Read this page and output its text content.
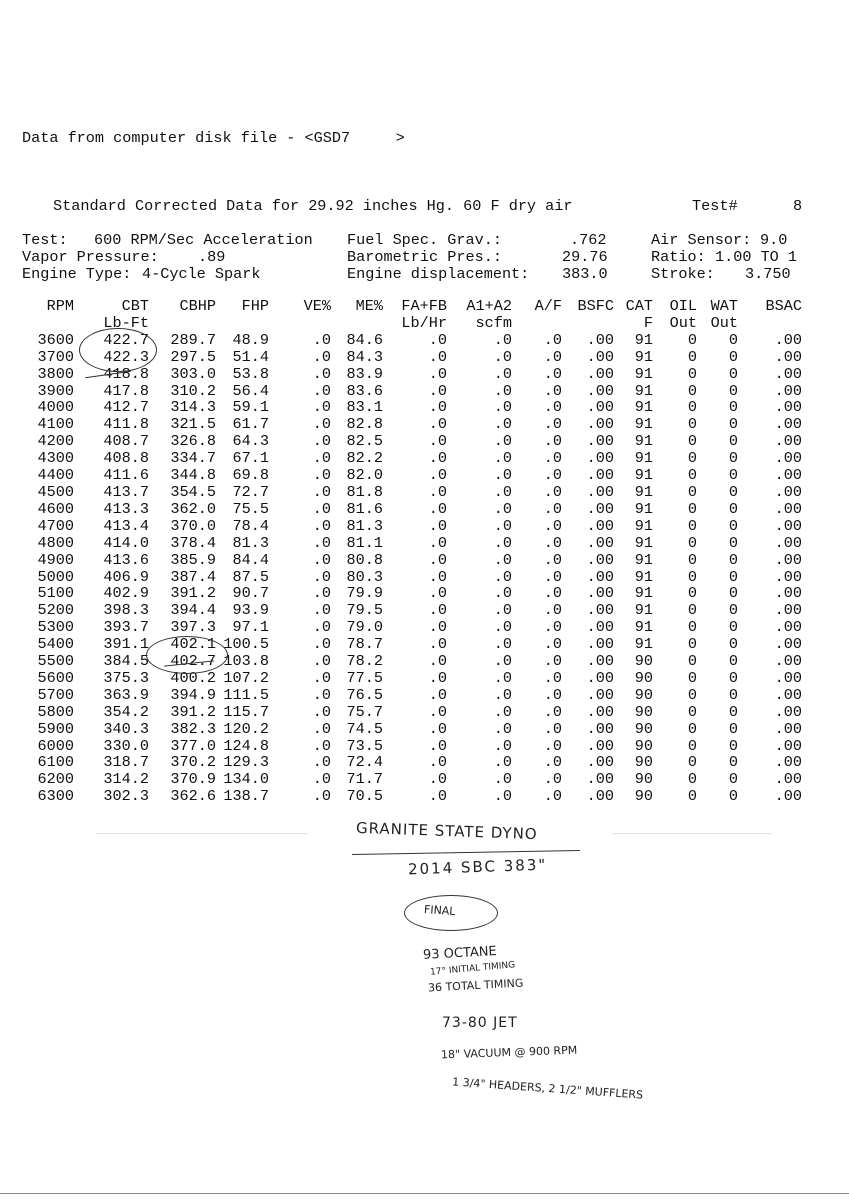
Data from computer disk file - <GSD7     >
Standard Corrected Data for 29.92 inches Hg. 60 F dry air	Test#	8

Test:

600 RPM/Sec Acceleration

Fuel Spec. Grav.:

	.762

	Air Sensor:

9.0

Vapor Pressure:

	.89

	Barometric Pres.:

	29.76

	Ratio:

1.00 TO 1

Engine Type:

4-Cycle Spark

	Engine displacement:

383.0

	Stroke:

3.750

RPM	CBT	CBHP	FHP	VE%	ME%	FA+FB	A1+A2	A/F	BSFC	CAT	OIL	WAT	BSAC
	Lb-Ft					Lb/Hr	scfm			F	Out	Out	
3600	422.7	289.7	48.9	.0	84.6	.0	.0	.0	.00	91	0	0	.00
3700	422.3	297.5	51.4	.0	84.3	.0	.0	.0	.00	91	0	0	.00
3800	418.8	303.0	53.8	.0	83.9	.0	.0	.0	.00	91	0	0	.00
3900	417.8	310.2	56.4	.0	83.6	.0	.0	.0	.00	91	0	0	.00
4000	412.7	314.3	59.1	.0	83.1	.0	.0	.0	.00	91	0	0	.00
4100	411.8	321.5	61.7	.0	82.8	.0	.0	.0	.00	91	0	0	.00
4200	408.7	326.8	64.3	.0	82.5	.0	.0	.0	.00	91	0	0	.00
4300	408.8	334.7	67.1	.0	82.2	.0	.0	.0	.00	91	0	0	.00
4400	411.6	344.8	69.8	.0	82.0	.0	.0	.0	.00	91	0	0	.00
4500	413.7	354.5	72.7	.0	81.8	.0	.0	.0	.00	91	0	0	.00
4600	413.3	362.0	75.5	.0	81.6	.0	.0	.0	.00	91	0	0	.00
4700	413.4	370.0	78.4	.0	81.3	.0	.0	.0	.00	91	0	0	.00
4800	414.0	378.4	81.3	.0	81.1	.0	.0	.0	.00	91	0	0	.00
4900	413.6	385.9	84.4	.0	80.8	.0	.0	.0	.00	91	0	0	.00
5000	406.9	387.4	87.5	.0	80.3	.0	.0	.0	.00	91	0	0	.00
5100	402.9	391.2	90.7	.0	79.9	.0	.0	.0	.00	91	0	0	.00
5200	398.3	394.4	93.9	.0	79.5	.0	.0	.0	.00	91	0	0	.00
5300	393.7	397.3	97.1	.0	79.0	.0	.0	.0	.00	91	0	0	.00
5400	391.1	402.1	100.5	.0	78.7	.0	.0	.0	.00	91	0	0	.00
5500	384.5	402.7	103.8	.0	78.2	.0	.0	.0	.00	90	0	0	.00
5600	375.3	400.2	107.2	.0	77.5	.0	.0	.0	.00	90	0	0	.00
5700	363.9	394.9	111.5	.0	76.5	.0	.0	.0	.00	90	0	0	.00
5800	354.2	391.2	115.7	.0	75.7	.0	.0	.0	.00	90	0	0	.00
5900	340.3	382.3	120.2	.0	74.5	.0	.0	.0	.00	90	0	0	.00
6000	330.0	377.0	124.8	.0	73.5	.0	.0	.0	.00	90	0	0	.00
6100	318.7	370.2	129.3	.0	72.4	.0	.0	.0	.00	90	0	0	.00
6200	314.2	370.9	134.0	.0	71.7	.0	.0	.0	.00	90	0	0	.00
6300	302.3	362.6	138.7	.0	70.5	.0	.0	.0	.00	90	0	0	.00
GRANITE STATE DYNO
2014 SBC 383"
FINAL
93 OCTANE
17° INITIAL TIMING
36 TOTAL TIMING
73-80 JET
18" VACUUM @ 900 RPM
1 3/4" HEADERS, 2 1/2" MUFFLERS
